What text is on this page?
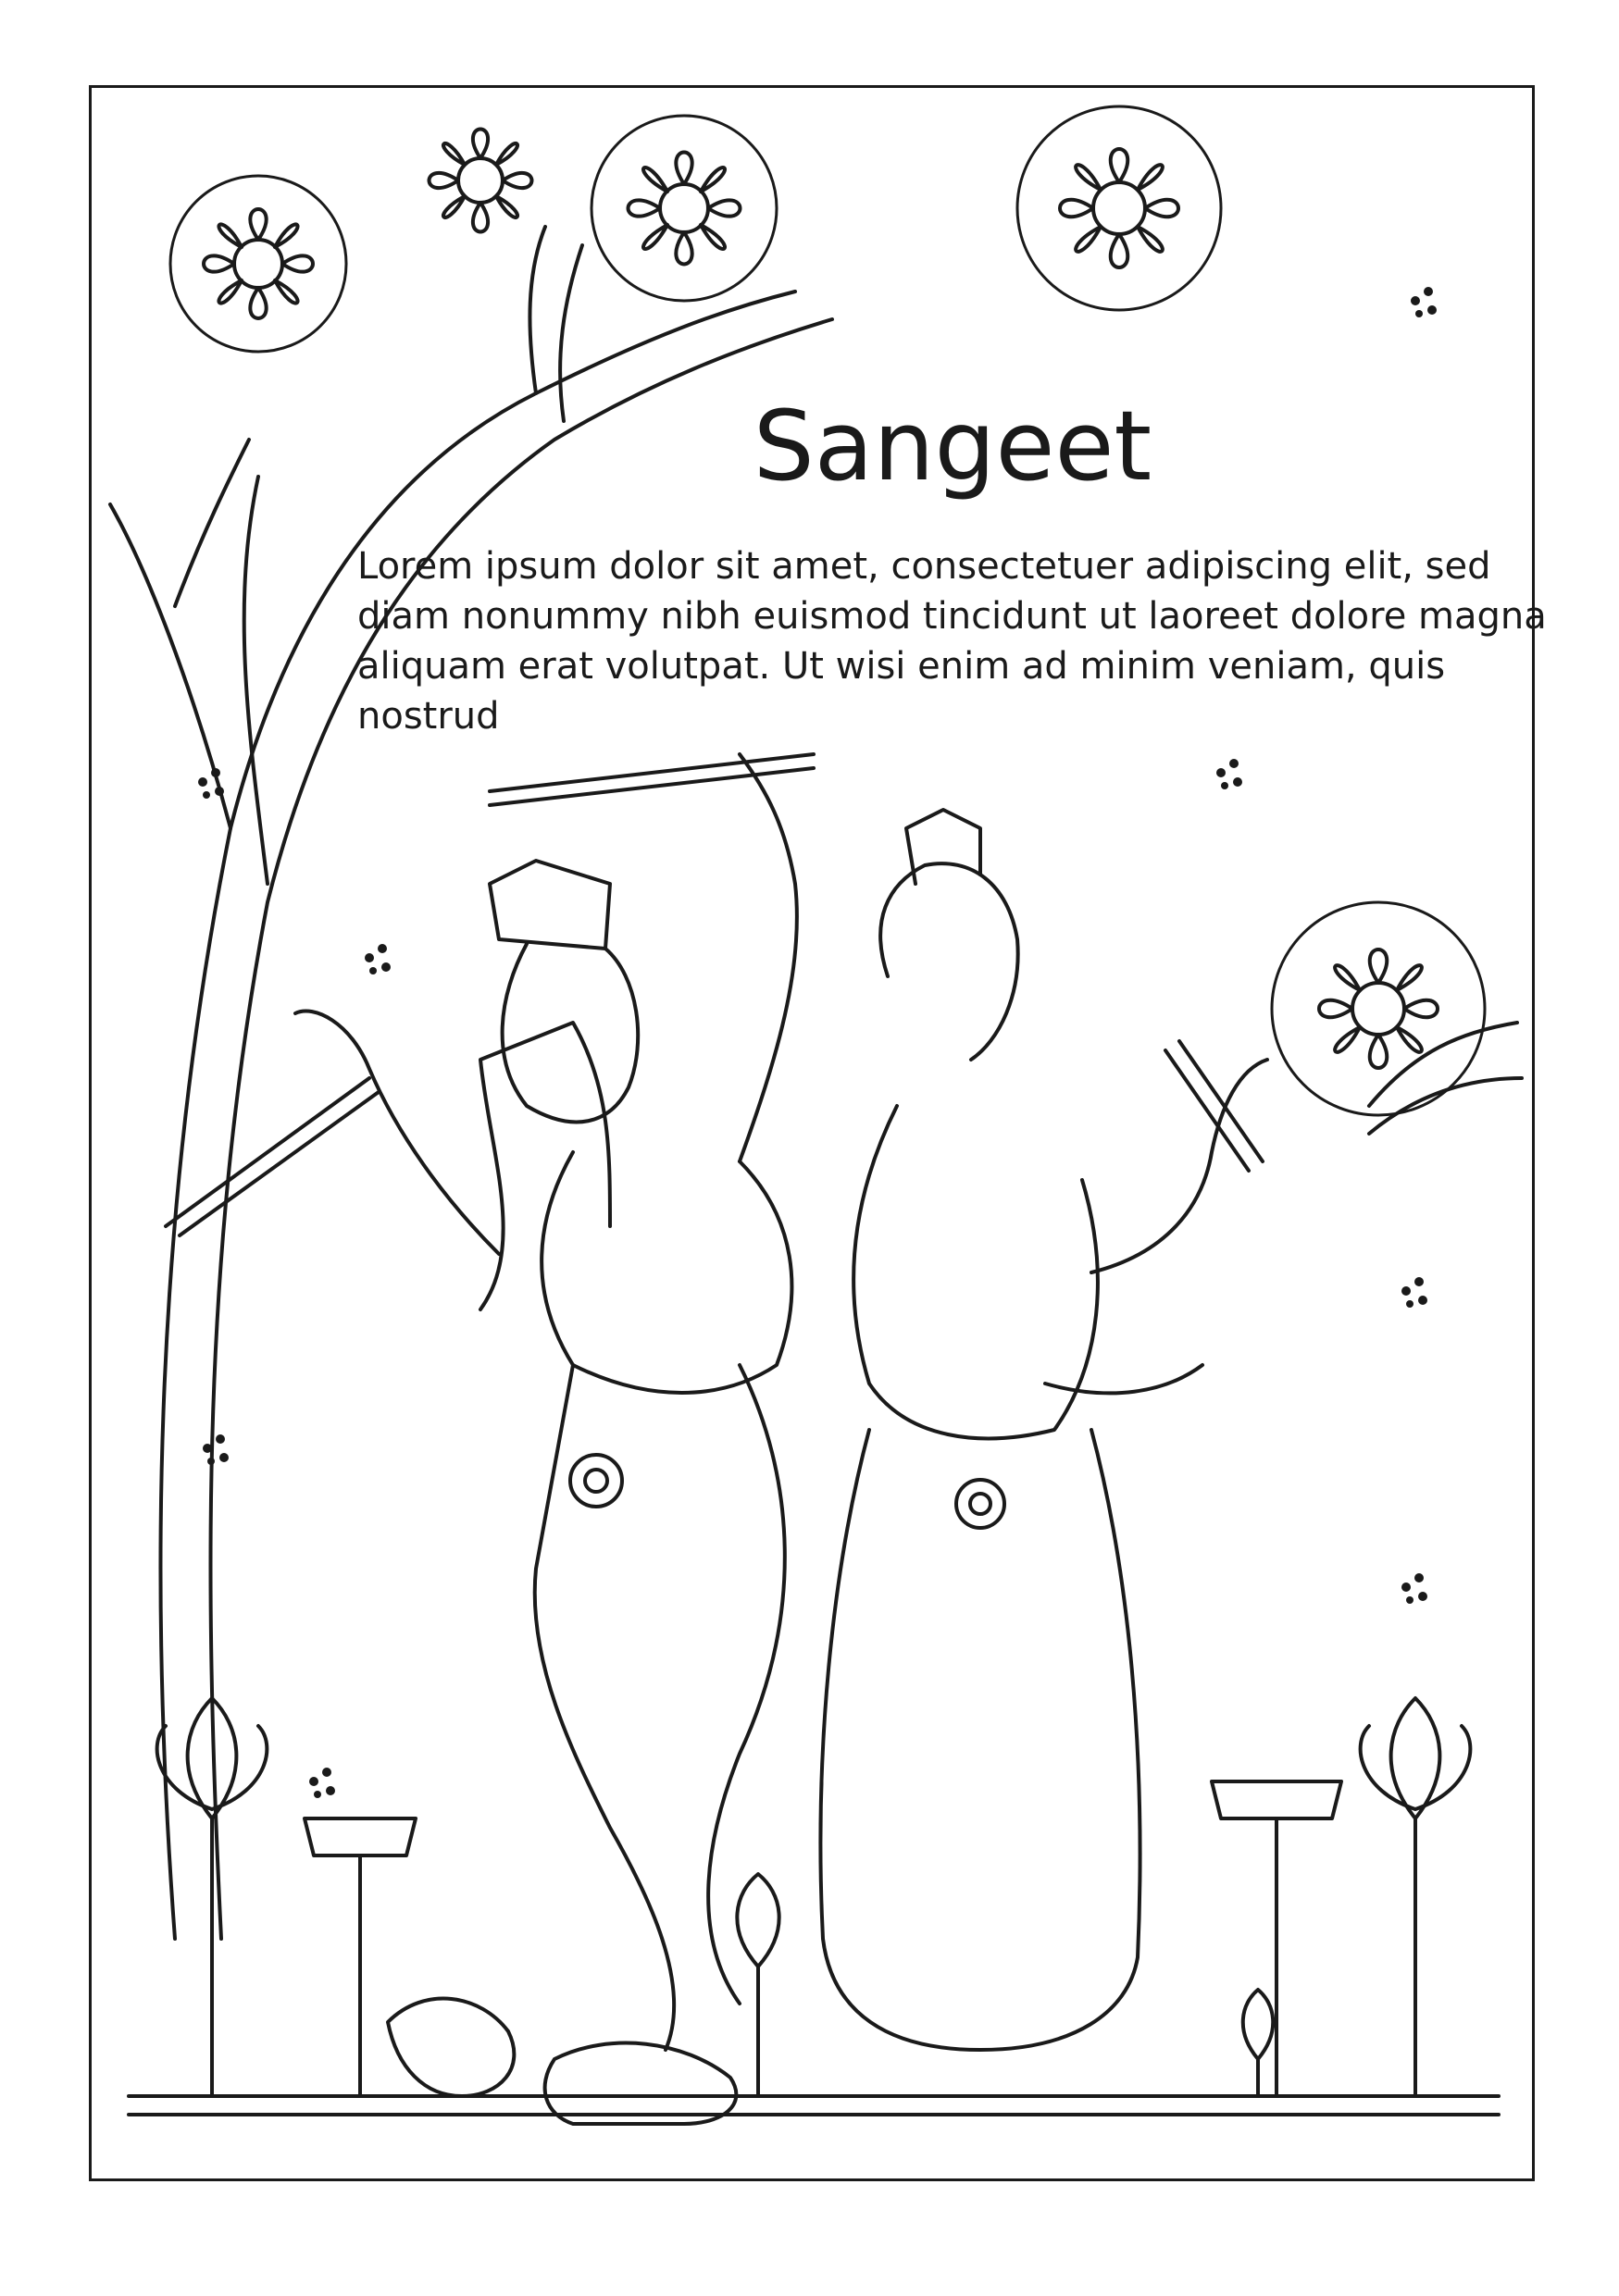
Sangeet

Lorem ipsum dolor sit amet, consectetuer adipiscing elit, sed diam nonummy nibh euismod tincidunt ut laoreet dolore magna aliquam erat volutpat. Ut wisi enim ad minim veniam, quis nostrud
